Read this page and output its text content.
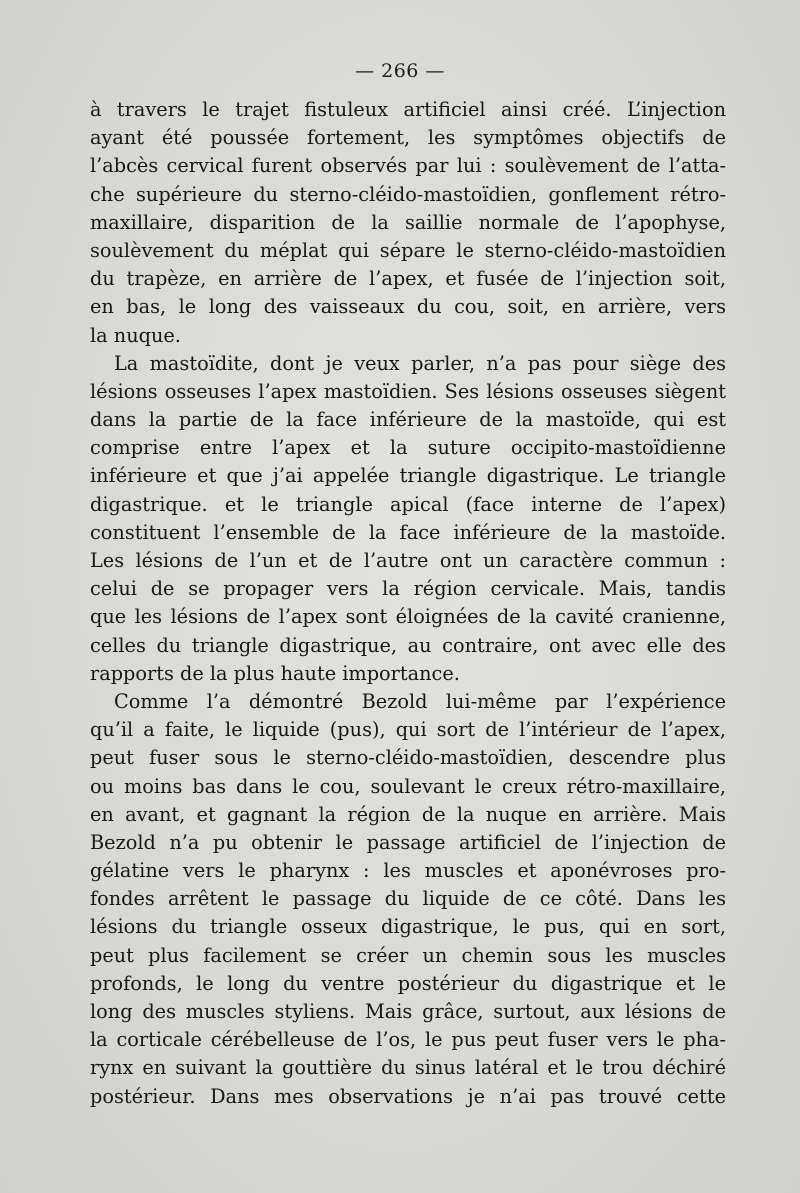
— 266 —
à travers le trajet fistuleux artificiel ainsi créé. L’injection
ayant été poussée fortement, les symptômes objectifs de
l’abcès cervical furent observés par lui : soulèvement de l’atta-
che supérieure du sterno-cléido-mastoïdien, gonflement rétro-
maxillaire, disparition de la saillie normale de l’apophyse,
soulèvement du méplat qui sépare le sterno-cléido-mastoïdien
du trapèze, en arrière de l’apex, et fusée de l’injection soit,
en bas, le long des vaisseaux du cou, soit, en arrière, vers
la nuque.
La mastoïdite, dont je veux parler, n’a pas pour siège des
lésions osseuses l’apex mastoïdien. Ses lésions osseuses siègent
dans la partie de la face inférieure de la mastoïde, qui est
comprise entre l’apex et la suture occipito-mastoïdienne
inférieure et que j’ai appelée triangle digastrique. Le triangle
digastrique. et le triangle apical (face interne de l’apex)
constituent l’ensemble de la face inférieure de la mastoïde.
Les lésions de l’un et de l’autre ont un caractère commun :
celui de se propager vers la région cervicale. Mais, tandis
que les lésions de l’apex sont éloignées de la cavité cranienne,
celles du triangle digastrique, au contraire, ont avec elle des
rapports de la plus haute importance.
Comme l’a démontré Bezold lui-même par l’expérience
qu’il a faite, le liquide (pus), qui sort de l’intérieur de l’apex,
peut fuser sous le sterno-cléido-mastoïdien, descendre plus
ou moins bas dans le cou, soulevant le creux rétro-maxillaire,
en avant, et gagnant la région de la nuque en arrière. Mais
Bezold n’a pu obtenir le passage artificiel de l’injection de
gélatine vers le pharynx : les muscles et aponévroses pro-
fondes arrêtent le passage du liquide de ce côté. Dans les
lésions du triangle osseux digastrique, le pus, qui en sort,
peut plus facilement se créer un chemin sous les muscles
profonds, le long du ventre postérieur du digastrique et le
long des muscles styliens. Mais grâce, surtout, aux lésions de
la corticale cérébelleuse de l’os, le pus peut fuser vers le pha-
rynx en suivant la gouttière du sinus latéral et le trou déchiré
postérieur. Dans mes observations je n’ai pas trouvé cette
